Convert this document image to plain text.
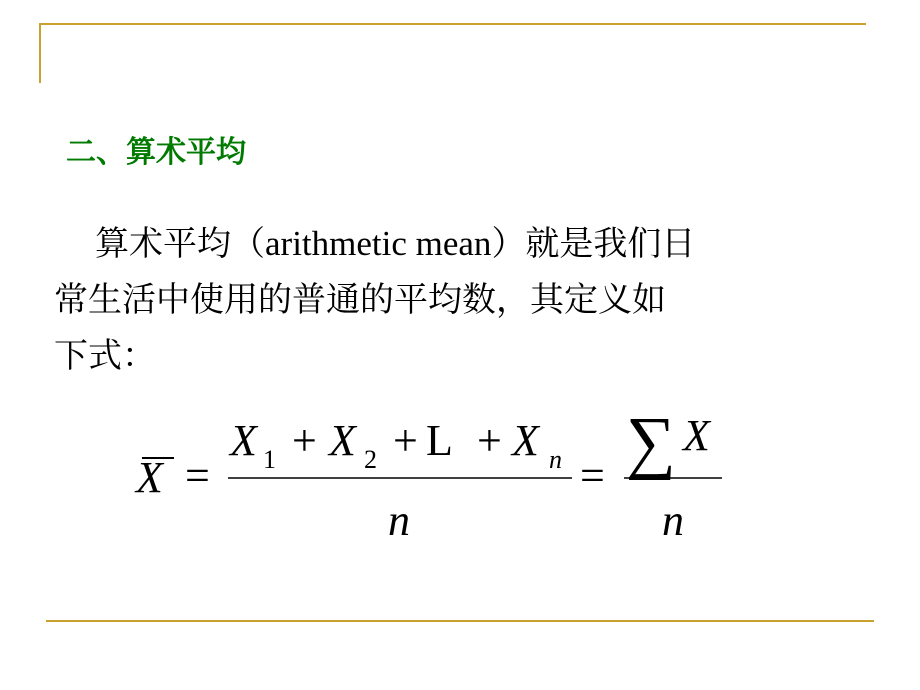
二、算术平均
算术平均（arithmetic mean）就是我们日
常生活中使用的普通的平均数，其定义如
下式：
X =
X 1 + X 2 + L + X n
n
= ∑ X
n
